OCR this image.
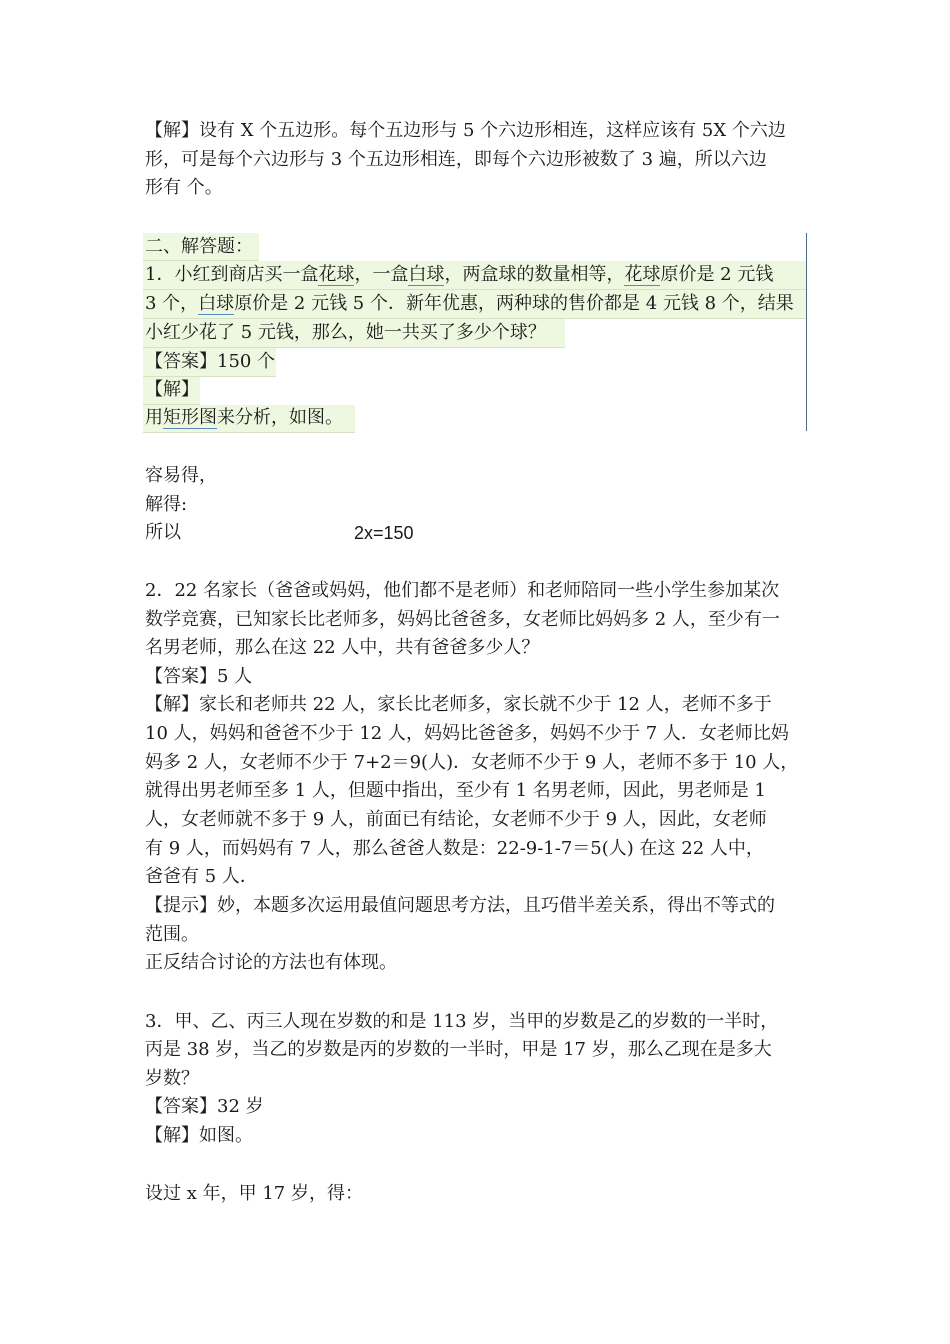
【解】设有 X 个五边形。每个五边形与 5 个六边形相连，这样应该有 5X 个六边
形，可是每个六边形与 3 个五边形相连，即每个六边形被数了 3 遍，所以六边
形有 个。
二、解答题：
1．小红到商店买一盒花球，一盒白球，两盒球的数量相等，花球原价是 2 元钱
3 个，白球原价是 2 元钱 5 个．新年优惠，两种球的售价都是 4 元钱 8 个，结果
小红少花了 5 元钱，那么，她一共买了多少个球？
【答案】150 个
【解】
用矩形图来分析，如图。
容易得，
解得:
所以	2x=150
2．22 名家长（爸爸或妈妈，他们都不是老师）和老师陪同一些小学生参加某次
数学竞赛，已知家长比老师多，妈妈比爸爸多，女老师比妈妈多 2 人，至少有一
名男老师，那么在这 22 人中，共有爸爸多少人？
【答案】5 人
【解】家长和老师共 22 人，家长比老师多，家长就不少于 12 人，老师不多于
10 人，妈妈和爸爸不少于 12 人，妈妈比爸爸多，妈妈不少于 7 人．女老师比妈
妈多 2 人，女老师不少于 7+2＝9(人)．女老师不少于 9 人，老师不多于 10 人，
就得出男老师至多 1 人，但题中指出，至少有 1 名男老师，因此，男老师是 1
人，女老师就不多于 9 人，前面已有结论，女老师不少于 9 人，因此，女老师
有 9 人，而妈妈有 7 人，那么爸爸人数是：22-9-1-7＝5(人) 在这 22 人中，
爸爸有 5 人．
【提示】妙，本题多次运用最值问题思考方法，且巧借半差关系，得出不等式的
范围。
正反结合讨论的方法也有体现。
3．甲、乙、丙三人现在岁数的和是 113 岁，当甲的岁数是乙的岁数的一半时，
丙是 38 岁，当乙的岁数是丙的岁数的一半时，甲是 17 岁，那么乙现在是多大
岁数？
【答案】32 岁
【解】如图。
设过 x 年，甲 17 岁，得：
